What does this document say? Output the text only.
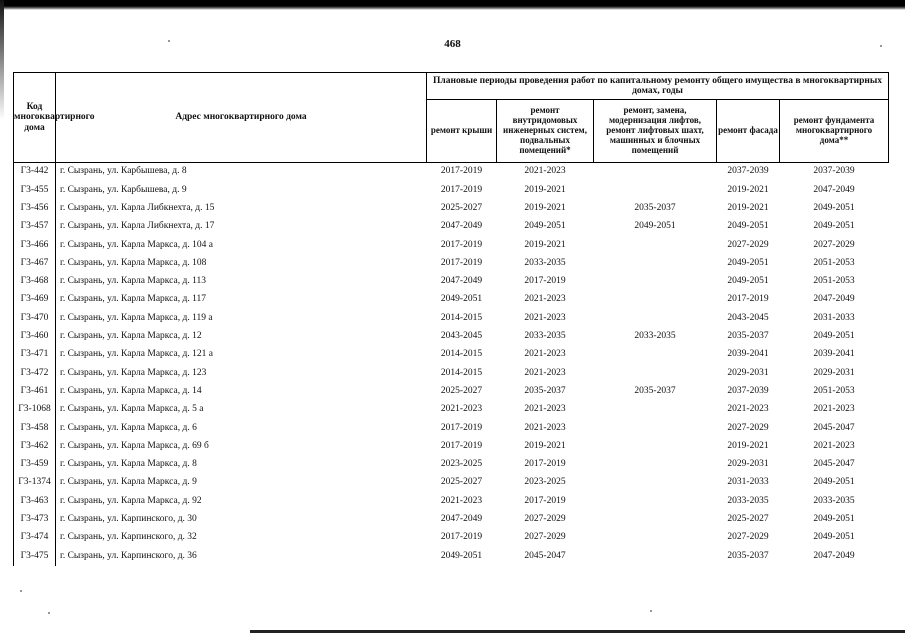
468
Код многоквартирного дома	Адрес многоквартирного дома	Плановые периоды проведения работ по капитальному ремонту общего имущества в многоквартирных домах, годы				
		ремонт крыши	ремонт внутридомовых инженерных систем, подвальных помещений*	ремонт, замена, модернизация лифтов, ремонт лифтовых шахт, машинных и блочных помещений	ремонт фасада	ремонт фундамента многоквартирного дома**
Г3-442	г. Сызрань, ул. Карбышева, д. 8	2017-2019	2021-2023		2037-2039	2037-2039
Г3-455	г. Сызрань, ул. Карбышева, д. 9	2017-2019	2019-2021		2019-2021	2047-2049
Г3-456	г. Сызрань, ул. Карла Либкнехта, д. 15	2025-2027	2019-2021	2035-2037	2019-2021	2049-2051
Г3-457	г. Сызрань, ул. Карла Либкнехта, д. 17	2047-2049	2049-2051	2049-2051	2049-2051	2049-2051
Г3-466	г. Сызрань, ул. Карла Маркса, д. 104 а	2017-2019	2019-2021		2027-2029	2027-2029
Г3-467	г. Сызрань, ул. Карла Маркса, д. 108	2017-2019	2033-2035		2049-2051	2051-2053
Г3-468	г. Сызрань, ул. Карла Маркса, д. 113	2047-2049	2017-2019		2049-2051	2051-2053
Г3-469	г. Сызрань, ул. Карла Маркса, д. 117	2049-2051	2021-2023		2017-2019	2047-2049
Г3-470	г. Сызрань, ул. Карла Маркса, д. 119 а	2014-2015	2021-2023		2043-2045	2031-2033
Г3-460	г. Сызрань, ул. Карла Маркса, д. 12	2043-2045	2033-2035	2033-2035	2035-2037	2049-2051
Г3-471	г. Сызрань, ул. Карла Маркса, д. 121 а	2014-2015	2021-2023		2039-2041	2039-2041
Г3-472	г. Сызрань, ул. Карла Маркса, д. 123	2014-2015	2021-2023		2029-2031	2029-2031
Г3-461	г. Сызрань, ул. Карла Маркса, д. 14	2025-2027	2035-2037	2035-2037	2037-2039	2051-2053
Г3-1068	г. Сызрань, ул. Карла Маркса, д. 5 а	2021-2023	2021-2023		2021-2023	2021-2023
Г3-458	г. Сызрань, ул. Карла Маркса, д. 6	2017-2019	2021-2023		2027-2029	2045-2047
Г3-462	г. Сызрань, ул. Карла Маркса, д. 69 б	2017-2019	2019-2021		2019-2021	2021-2023
Г3-459	г. Сызрань, ул. Карла Маркса, д. 8	2023-2025	2017-2019		2029-2031	2045-2047
Г3-1374	г. Сызрань, ул. Карла Маркса, д. 9	2025-2027	2023-2025		2031-2033	2049-2051
Г3-463	г. Сызрань, ул. Карла Маркса, д. 92	2021-2023	2017-2019		2033-2035	2033-2035
Г3-473	г. Сызрань, ул. Карпинского, д. 30	2047-2049	2027-2029		2025-2027	2049-2051
Г3-474	г. Сызрань, ул. Карпинского, д. 32	2017-2019	2027-2029		2027-2029	2049-2051
Г3-475	г. Сызрань, ул. Карпинского, д. 36	2049-2051	2045-2047		2035-2037	2047-2049
